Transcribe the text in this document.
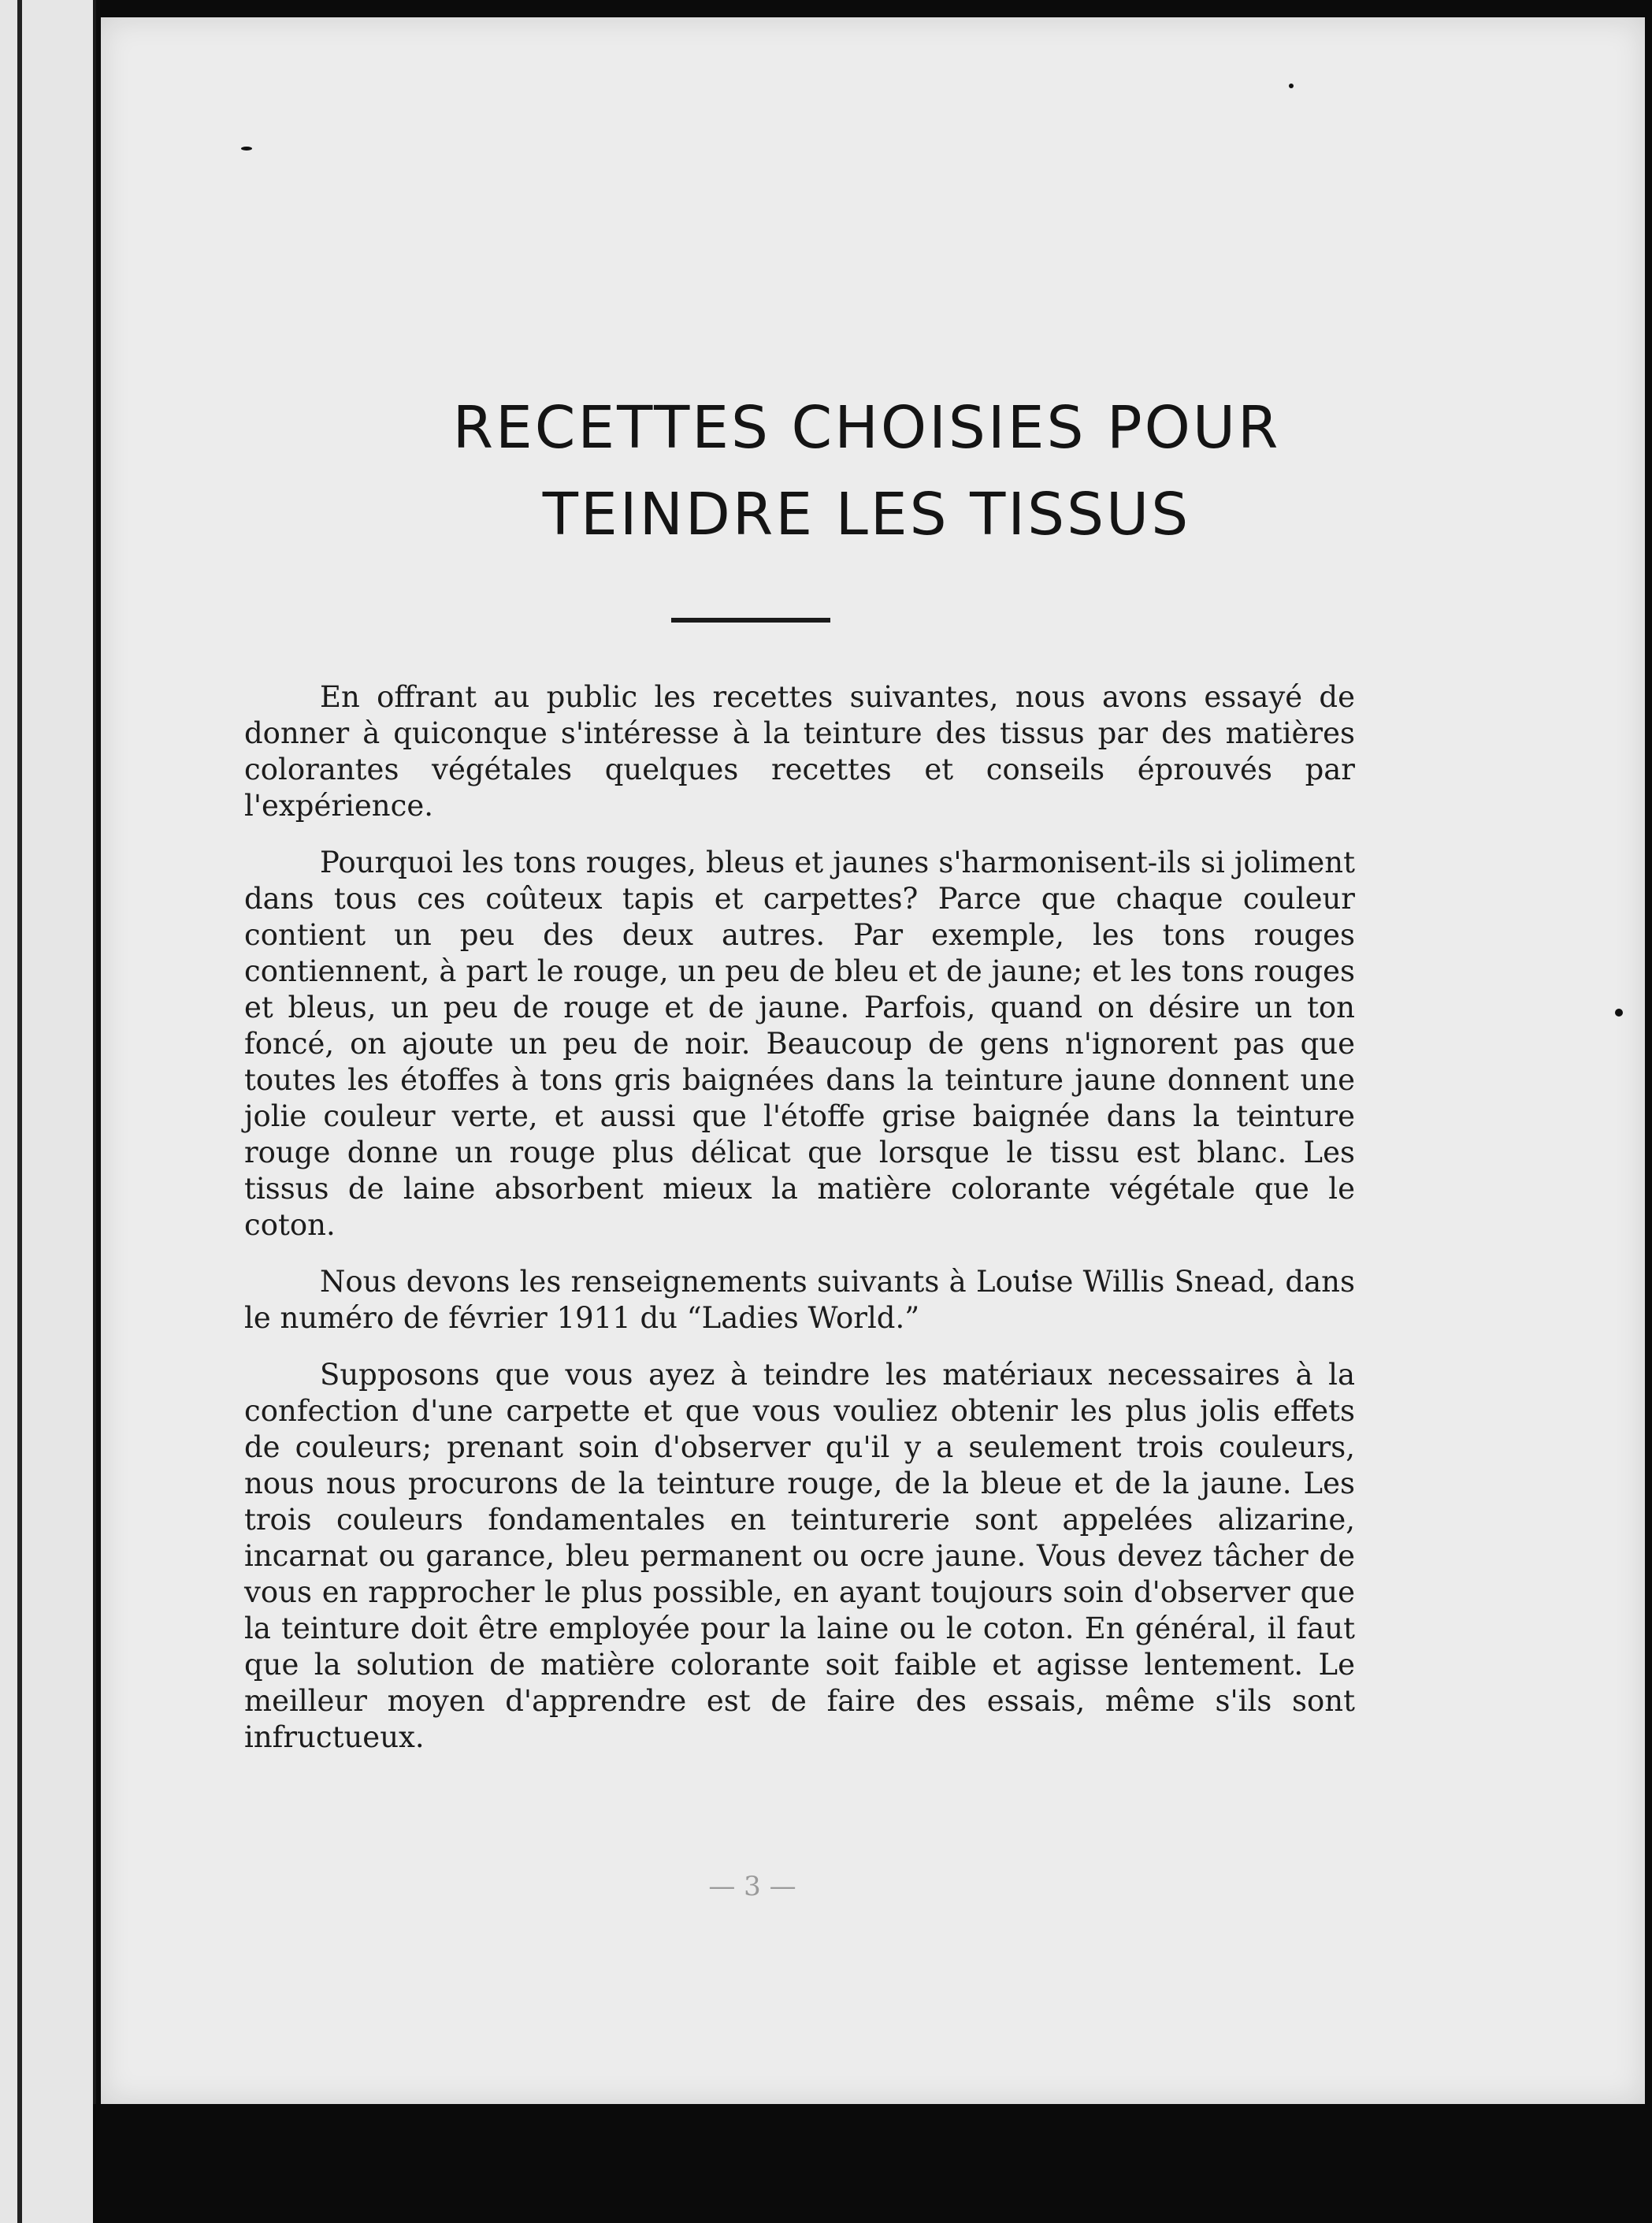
RECETTES CHOISIES POUR
TEINDRE LES TISSUS

En offrant au public les recettes suivantes, nous avons essayé de donner à quiconque s'intéresse à la teinture des tissus par des matières colorantes végétales quelques recettes et conseils éprouvés par l'expérience.

Pourquoi les tons rouges, bleus et jaunes s'harmonisent-ils si joliment dans tous ces coûteux tapis et carpettes? Parce que chaque couleur contient un peu des deux autres. Par exemple, les tons rouges contiennent, à part le rouge, un peu de bleu et de jaune; et les tons rouges et bleus, un peu de rouge et de jaune. Parfois, quand on désire un ton foncé, on ajoute un peu de noir. Beaucoup de gens n'ignorent pas que toutes les étoffes à tons gris baignées dans la teinture jaune donnent une jolie couleur verte, et aussi que l'étoffe grise baignée dans la teinture rouge donne un rouge plus délicat que lorsque le tissu est blanc. Les tissus de laine absorbent mieux la matière colorante végétale que le coton.

Nous devons les renseignements suivants à Louise Willis Snead, dans le numéro de février 1911 du “Ladies World.”

Supposons que vous ayez à teindre les matériaux necessaires à la confection d'une carpette et que vous vouliez obtenir les plus jolis effets de couleurs; prenant soin d'observer qu'il y a seulement trois couleurs, nous nous procurons de la teinture rouge, de la bleue et de la jaune. Les trois couleurs fondamentales en teinturerie sont appelées alizarine, incarnat ou garance, bleu permanent ou ocre jaune. Vous devez tâcher de vous en rapprocher le plus possible, en ayant toujours soin d'observer que la teinture doit être employée pour la laine ou le coton. En général, il faut que la solution de matière colorante soit faible et agisse lentement. Le meilleur moyen d'apprendre est de faire des essais, même s'ils sont infructueux.

— 3 —
